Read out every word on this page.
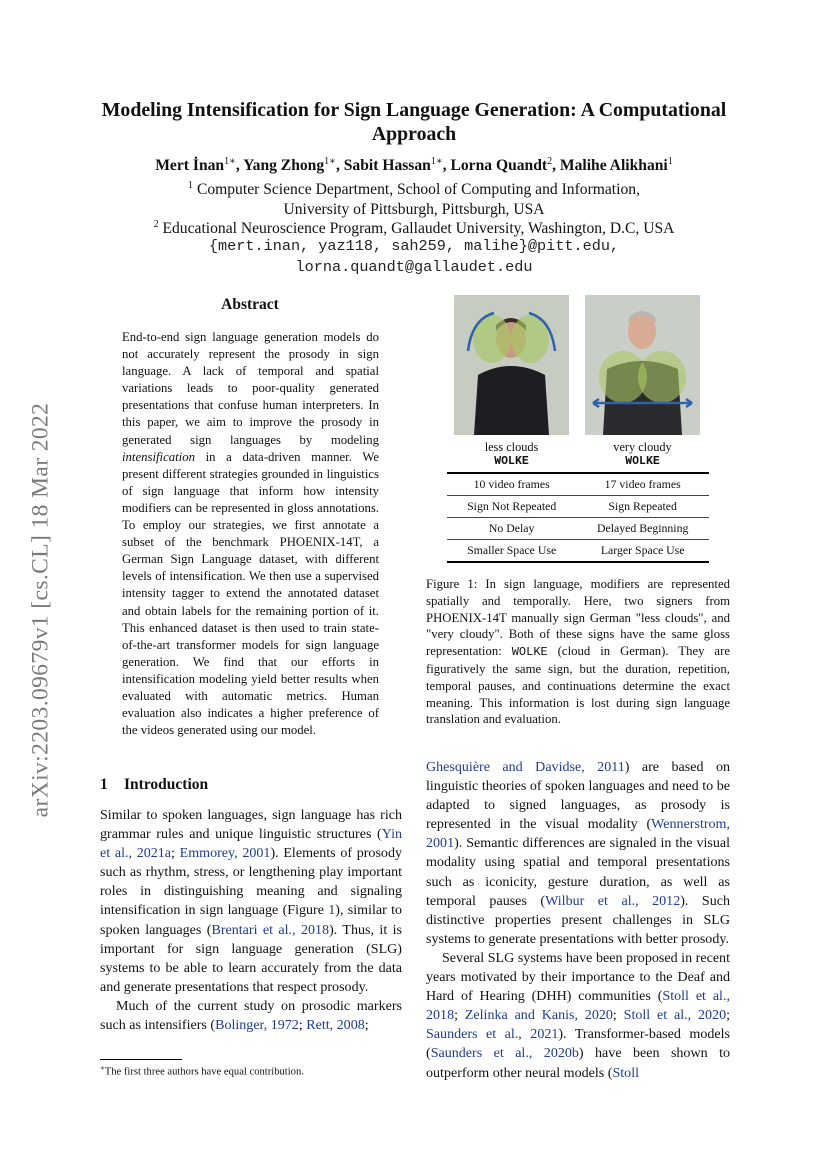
arXiv:2203.09679v1 [cs.CL] 18 Mar 2022
Modeling Intensification for Sign Language Generation: A Computational
Approach
Mert İnan$^{1∗}$, Yang Zhong$^{1∗}$, Sabit Hassan$^{1∗}$, Lorna Quandt$^2$, Malihe Alikhani$^1$
$^1$ Computer Science Department, School of Computing and Information,
University of Pittsburgh, Pittsburgh, USA
$^2$ Educational Neuroscience Program, Gallaudet University, Washington, D.C, USA
{mert.inan, yaz118, sah259, malihe}@pitt.edu,
lorna.quandt@gallaudet.edu
Abstract

End-to-end sign language generation models do not accurately represent the prosody in sign language. A lack of temporal and spatial variations leads to poor-quality generated presentations that confuse human interpreters. In this paper, we aim to improve the prosody in generated sign languages by modeling intensification in a data-driven manner. We present different strategies grounded in linguistics of sign language that inform how intensity modifiers can be represented in gloss annotations. To employ our strategies, we first annotate a subset of the benchmark PHOENIX-14T, a German Sign Language dataset, with different levels of intensification. We then use a supervised intensity tagger to extend the annotated dataset and obtain labels for the remaining portion of it. This enhanced dataset is then used to train state-of-the-art transformer models for sign language generation. We find that our efforts in intensification modeling yield better results when evaluated with automatic metrics. Human evaluation also indicates a higher preference of the videos generated using our model.

1 Introduction

Similar to spoken languages, sign language has rich grammar rules and unique linguistic structures (Yin et al., 2021a; Emmorey, 2001). Elements of prosody such as rhythm, stress, or lengthening play important roles in distinguishing meaning and signaling intensification in sign language (Figure 1), similar to spoken languages (Brentari et al., 2018). Thus, it is important for sign language generation (SLG) systems to be able to learn accurately from the data and generate presentations that respect prosody.

Much of the current study on prosodic markers such as intensifiers (Bolinger, 1972; Rett, 2008;

∗The first three authors have equal contribution.
less clouds
WOLKE
very cloudy
WOLKE
10 video frames	17 video frames
Sign Not Repeated	Sign Repeated
No Delay	Delayed Beginning
Smaller Space Use	Larger Space Use

Figure 1: In sign language, modifiers are represented spatially and temporally. Here, two signers from PHOENIX-14T manually sign German "less clouds", and "very cloudy". Both of these signs have the same gloss representation: WOLKE (cloud in German). They are figuratively the same sign, but the duration, repetition, temporal pauses, and continuations determine the exact meaning. This information is lost during sign language translation and evaluation.

Ghesquière and Davidse, 2011) are based on linguistic theories of spoken languages and need to be adapted to signed languages, as prosody is represented in the visual modality (Wennerstrom, 2001). Semantic differences are signaled in the visual modality using spatial and temporal presentations such as iconicity, gesture duration, as well as temporal pauses (Wilbur et al., 2012). Such distinctive properties present challenges in SLG systems to generate presentations with better prosody.

Several SLG systems have been proposed in recent years motivated by their importance to the Deaf and Hard of Hearing (DHH) communities (Stoll et al., 2018; Zelinka and Kanis, 2020; Stoll et al., 2020; Saunders et al., 2021). Transformer-based models (Saunders et al., 2020b) have been shown to outperform other neural models (Stoll
